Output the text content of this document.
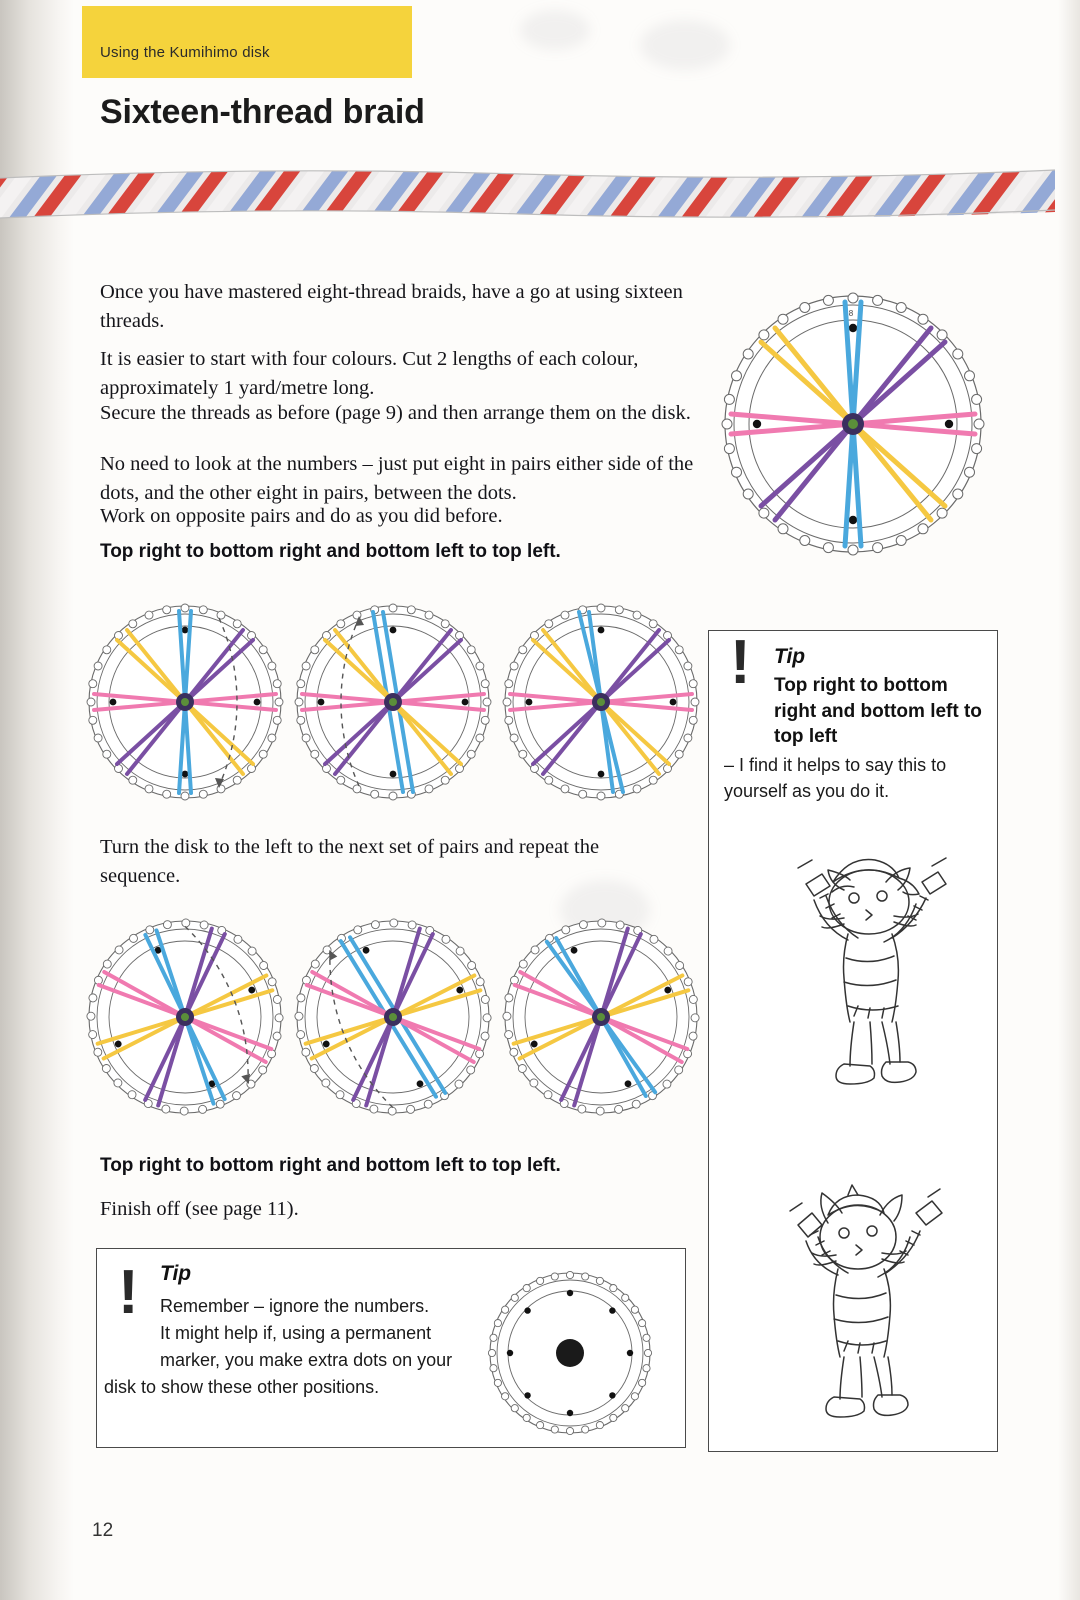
Using the Kumihimo disk
Sixteen-thread braid
Once you have mastered eight-thread braids, have a go at using sixteen threads.
It is easier to start with four colours. Cut 2 lengths of each colour, approximately 1 yard/metre long.
Secure the threads as before (page 9) and then arrange them on the disk.
No need to look at the numbers – just put eight in pairs either side of the dots, and the other eight in pairs, between the dots.
Work on opposite pairs and do as you did before.
Top right to bottom right and bottom left to top left.
Turn the disk to the left to the next set of pairs and repeat the sequence.
Top right to bottom right and bottom left to top left.
Finish off (see page 11).
8
! Tip
Top right to bottom right and bottom left to top left
– I find it helps to say this to yourself as you do it.
! Tip
Remember – ignore the numbers.
It might help if, using a permanent
marker, you make extra dots on your
disk to show these other positions.
12
